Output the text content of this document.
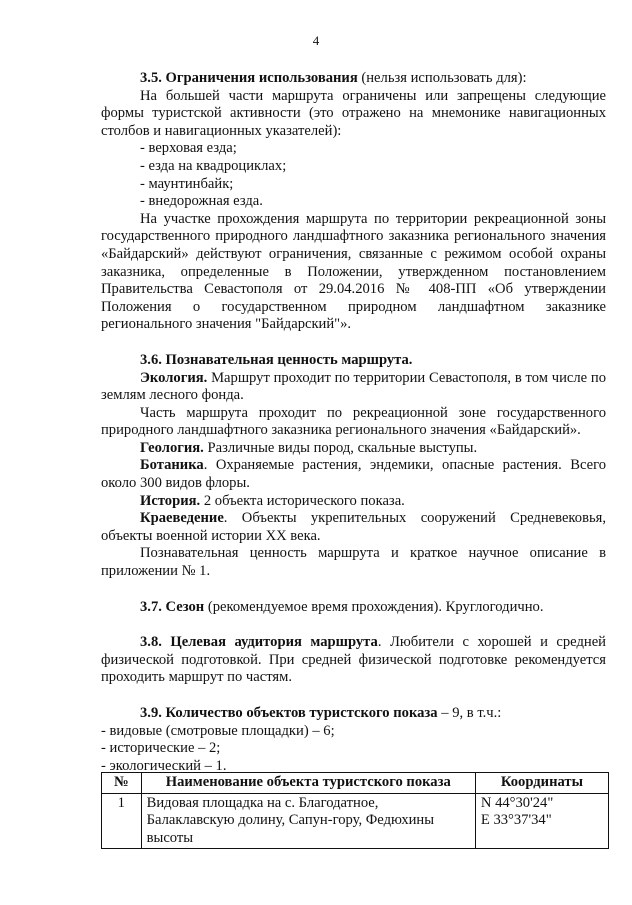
4

3.5. Ограничения использования (нельзя использовать для):

На большей части маршрута ограничены или запрещены следующие формы туристской активности (это отражено на мнемонике навигационных столбов и навигационных указателей):

- верховая езда;

- езда на квадроциклах;

- маунтинбайк;

- внедорожная езда.

На участке прохождения маршрута по территории рекреационной зоны государственного природного ландшафтного заказника регионального значения «Байдарский» действуют ограничения, связанные с режимом особой охраны заказника, определенные в Положении, утвержденном постановлением Правительства Севастополя от 29.04.2016 № 408-ПП «Об утверждении Положения о государственном природном ландшафтном заказнике регионального значения "Байдарский"».

3.6. Познавательная ценность маршрута.

Экология. Маршрут проходит по территории Севастополя, в том числе по землям лесного фонда.

Часть маршрута проходит по рекреационной зоне государственного природного ландшафтного заказника регионального значения «Байдарский».

Геология. Различные виды пород, скальные выступы.

Ботаника. Охраняемые растения, эндемики, опасные растения. Всего около 300 видов флоры.

История. 2 объекта исторического показа.

Краеведение. Объекты укрепительных сооружений Средневековья, объекты военной истории XX века.

Познавательная ценность маршрута и краткое научное описание в приложении № 1.

3.7. Сезон (рекомендуемое время прохождения). Круглогодично.

3.8. Целевая аудитория маршрута. Любители с хорошей и средней физической подготовкой. При средней физической подготовке рекомендуется проходить маршрут по частям.

3.9. Количество объектов туристского показа – 9, в т.ч.:

- видовые (смотровые площадки) – 6;

- исторические – 2;

- экологический – 1.

№	Наименование объекта туристского показа	Координаты
1	Видовая площадка на с. Благодатное, Балаклавскую долину, Сапун-гору, Федюхины высоты	N 44°30'24"
E 33°37'34"
